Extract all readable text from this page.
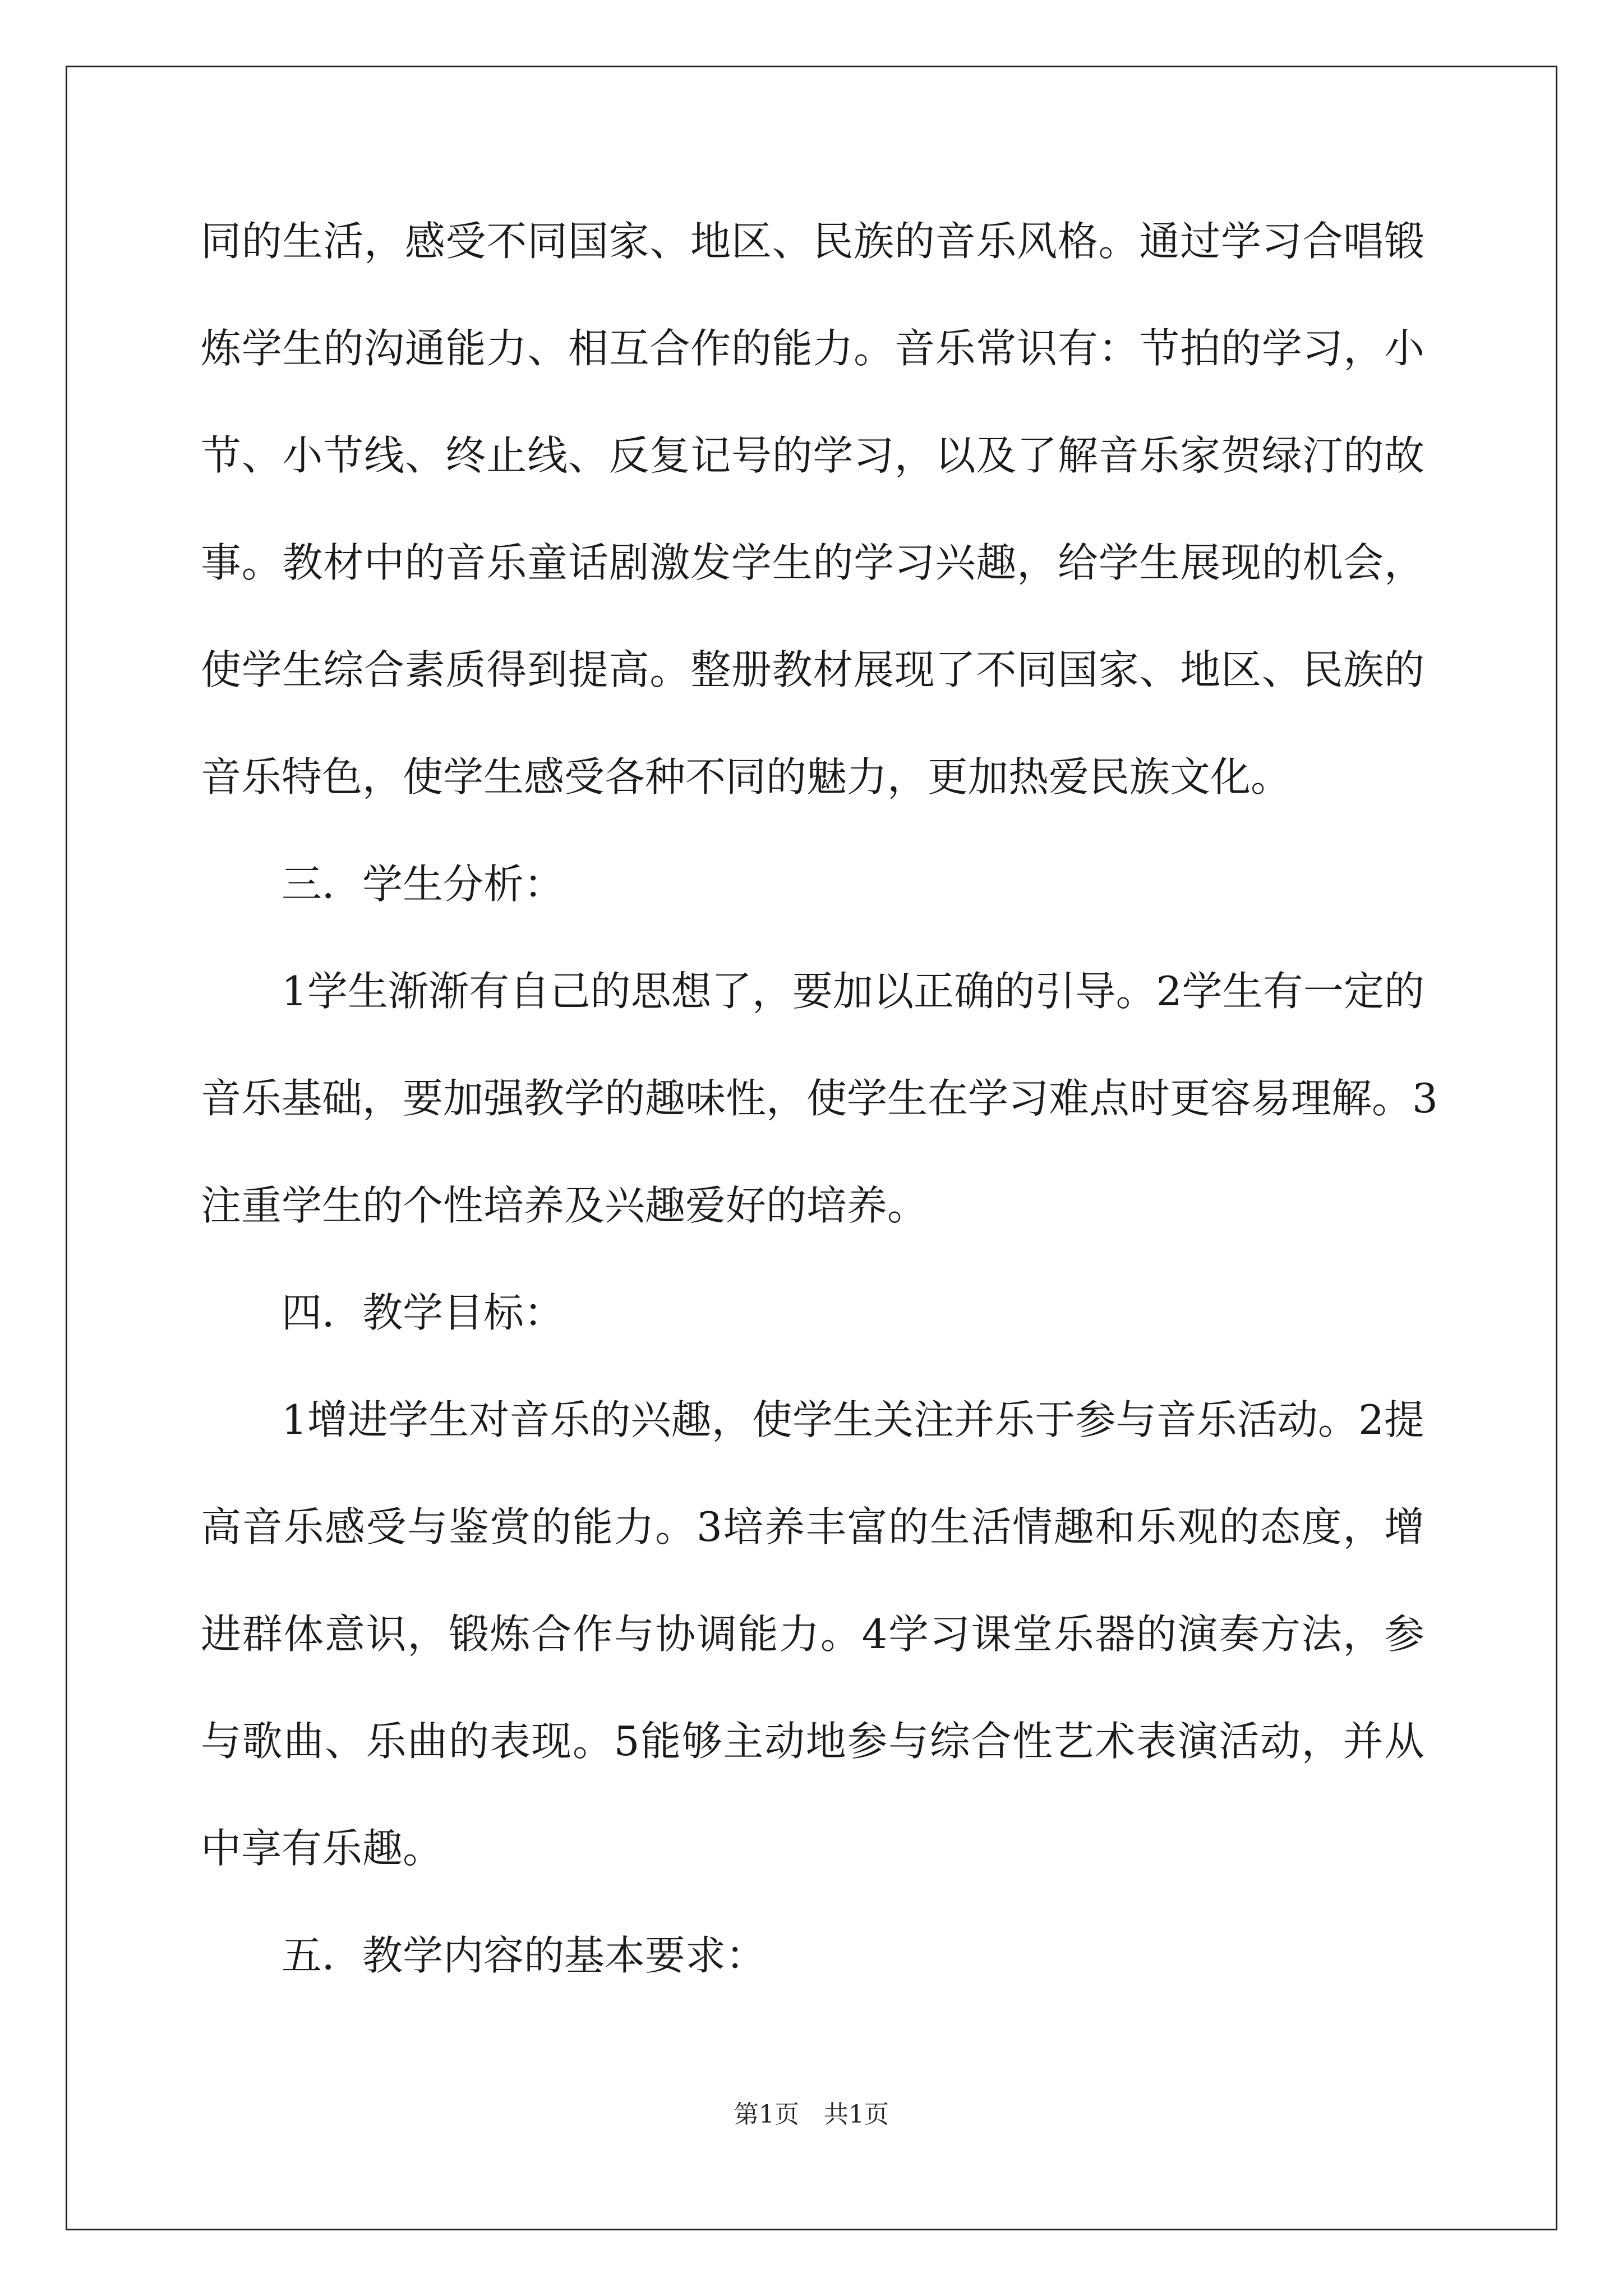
同的生活，感受不同国家、地区、民族的音乐风格。通过学习合唱锻
炼学生的沟通能力、相互合作的能力。音乐常识有：节拍的学习，小
节、小节线、终止线、反复记号的学习，以及了解音乐家贺绿汀的故
事。教材中的音乐童话剧激发学生的学习兴趣，给学生展现的机会，
使学生综合素质得到提高。整册教材展现了不同国家、地区、民族的
音乐特色，使学生感受各种不同的魅力，更加热爱民族文化。
三．学生分析：
1学生渐渐有自己的思想了，要加以正确的引导。2学生有一定的
音乐基础，要加强教学的趣味性，使学生在学习难点时更容易理解。3
注重学生的个性培养及兴趣爱好的培养。
四．教学目标：
1增进学生对音乐的兴趣，使学生关注并乐于参与音乐活动。2提
高音乐感受与鉴赏的能力。3培养丰富的生活情趣和乐观的态度，增
进群体意识，锻炼合作与协调能力。4学习课堂乐器的演奏方法，参
与歌曲、乐曲的表现。5能够主动地参与综合性艺术表演活动，并从
中享有乐趣。
五．教学内容的基本要求：
第1页　共1页
